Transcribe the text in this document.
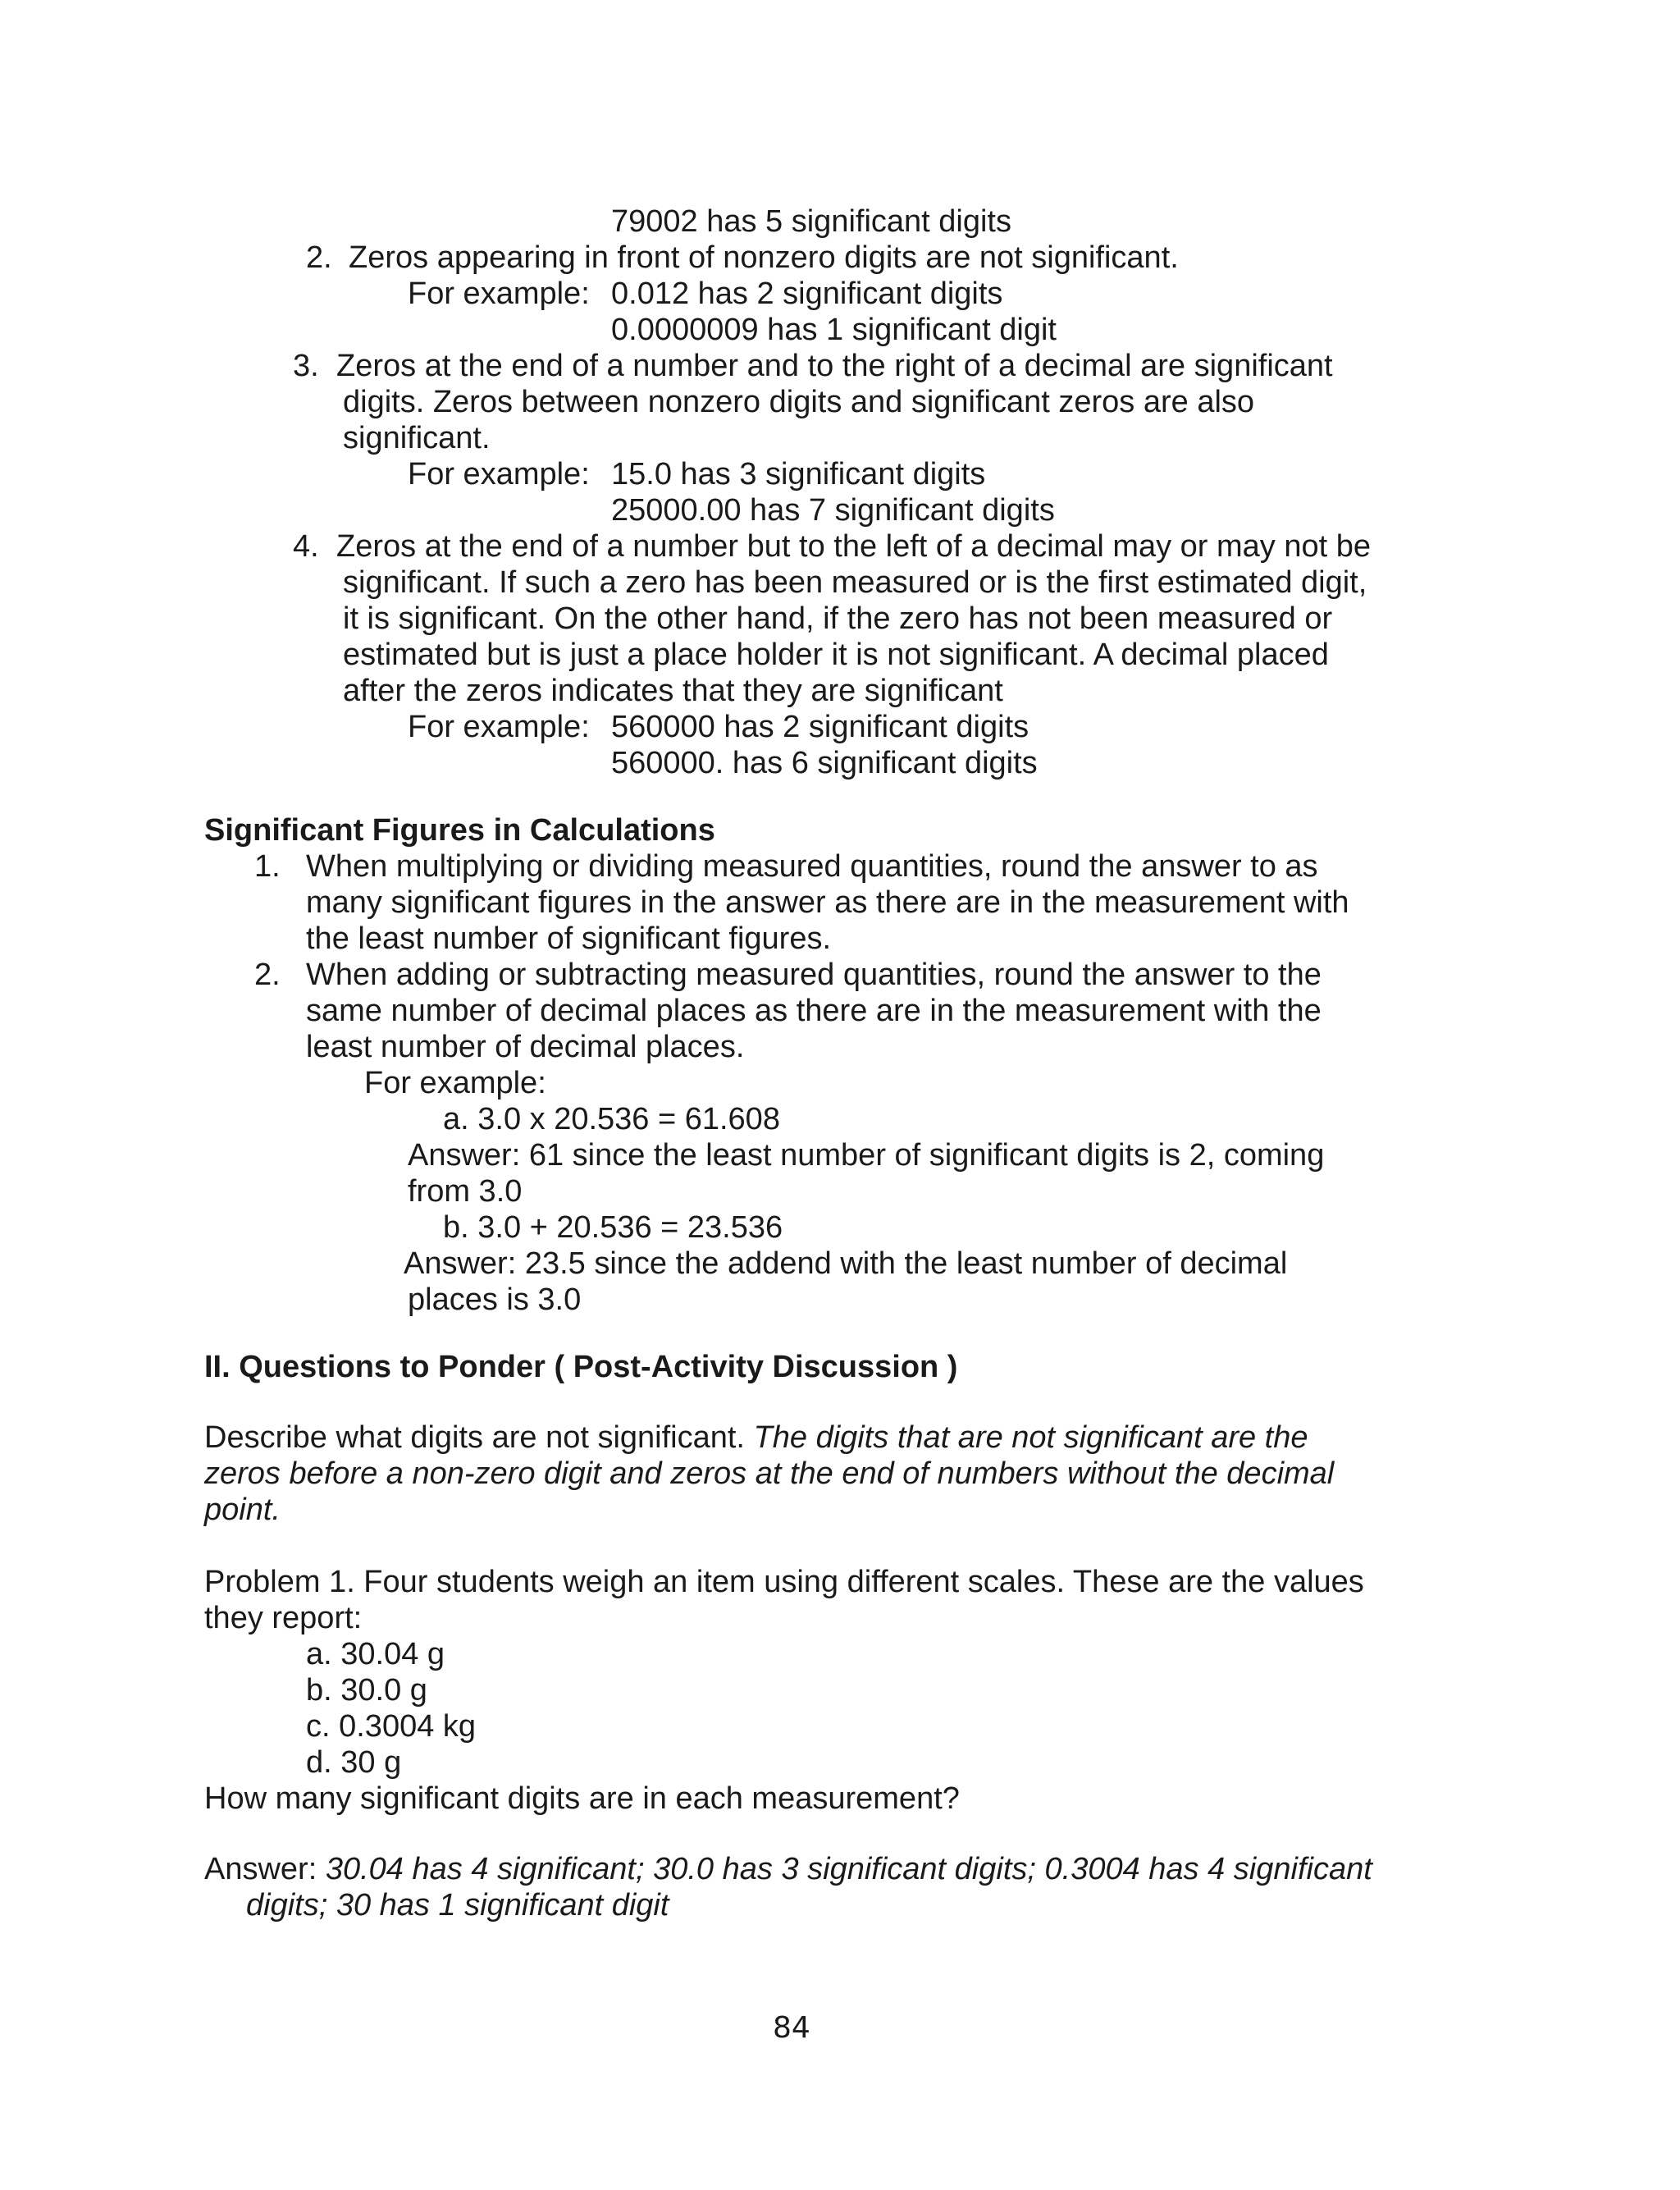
79002 has 5 significant digits
2. Zeros appearing in front of nonzero digits are not significant.
For example: 0.012 has 2 significant digits
0.0000009 has 1 significant digit
3. Zeros at the end of a number and to the right of a decimal are significant
digits. Zeros between nonzero digits and significant zeros are also
significant.
For example: 15.0 has 3 significant digits
25000.00 has 7 significant digits
4. Zeros at the end of a number but to the left of a decimal may or may not be
significant. If such a zero has been measured or is the first estimated digit,
it is significant. On the other hand, if the zero has not been measured or
estimated but is just a place holder it is not significant. A decimal placed
after the zeros indicates that they are significant
For example: 560000 has 2 significant digits
560000. has 6 significant digits
Significant Figures in Calculations
1. When multiplying or dividing measured quantities, round the answer to as
many significant figures in the answer as there are in the measurement with
the least number of significant figures.
2. When adding or subtracting measured quantities, round the answer to the
same number of decimal places as there are in the measurement with the
least number of decimal places.
For example:
a. 3.0 x 20.536 = 61.608
Answer: 61 since the least number of significant digits is 2, coming
from 3.0
b. 3.0 + 20.536 = 23.536
Answer: 23.5 since the addend with the least number of decimal
places is 3.0
II. Questions to Ponder ( Post-Activity Discussion )
Describe what digits are not significant. The digits that are not significant are the
zeros before a non-zero digit and zeros at the end of numbers without the decimal
point.
Problem 1. Four students weigh an item using different scales. These are the values
they report:
a. 30.04 g
b. 30.0 g
c. 0.3004 kg
d. 30 g
How many significant digits are in each measurement?
Answer: 30.04 has 4 significant; 30.0 has 3 significant digits; 0.3004 has 4 significant
digits; 30 has 1 significant digit
84
